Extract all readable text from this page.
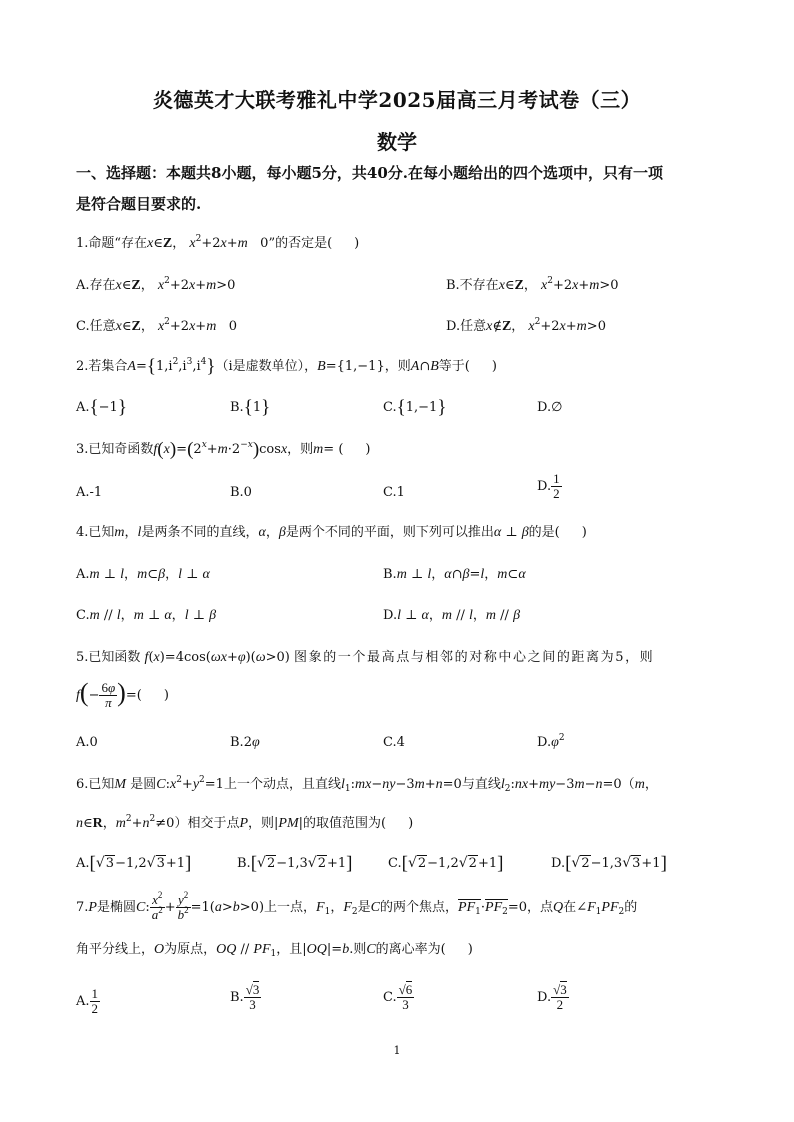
炎德英才大联考雅礼中学2025届高三月考试卷（三）
数学
一、选择题：本题共8小题，每小题5分，共40分.在每小题给出的四个选项中，只有一项
是符合题目要求的.
1.命题“存在x∈Z， $x^2+2x+m$   0”的否定是( )
A.存在x∈Z， $x^2+2x+m>0$	B.不存在x∈Z， $x^2+2x+m>0$
C.任意x∈Z， $x^2+2x+m$   0	D.任意x∉Z， $x^2+2x+m>0$
2.若集合$A=\{1,i^2,i^3,i^4\}(i$是虚数单位），B={1,−1}，则A∩B等于( )
A.{−1}	B.{1}	C.{1,−1}	D.∅
3.已知奇函数$f(x)=(2^x+m\cdot 2^{-x})\cos x$，则m= ( )
A.-1	B.0	C.1	D. $\frac{1}{2}$
4.已知m，l是两条不同的直线，α，β是两个不同的平面，则下列可以推出α ⊥ β的是( )
A.m ⊥ l，m⊂β，l ⊥ α	B.m ⊥ l，α∩β=l，m⊂α
C.m // l，m ⊥ α，l ⊥ β	D.l ⊥ α，m // l，m // β
5.已知函数 f(x)=4cos(ωx+φ)(ω>0) 图象的一个最高点与相邻的对称中心之间的距离为5，则
$f(- \frac{6\varphi}{\pi}$ )=( )
A.0	B.2φ	C.4	$D.\varphi^2$
6.已知M 是圆$C:x^2+y^2=1$上一个动点，且直线$l_1:mx-ny-3m+n=0$与直线$l_2:nx+my-3m-n=0(m$，
n∈R，$m^2+n^2\ne 0$）相交于点P，则|PM|的取值范围为( )
A.[√3−1,2√3+1]	B.[√2−1,3√2+1]	C.[√2−1,2√2+1]	D.[√2−1,3√3+1]
7.P是椭圆C: $\frac{x^2}{a^2} + \frac{y^2}{b^2} =1(a>b>0)$上一点，$F_1$，$F_2$是C的两个焦点，$PF_1\cdot PF_2=0$，点Q在$\angle F_1PF_2$的
角平分线上，O为原点，OQ // $PF_1$，且|OQ|=b.则C的离心率为( )
A. $\frac{1}{2}$	B. $\frac{√3}{3}$	C. $\frac{√6}{3}$	D. $\frac{√3}{2}$
1
